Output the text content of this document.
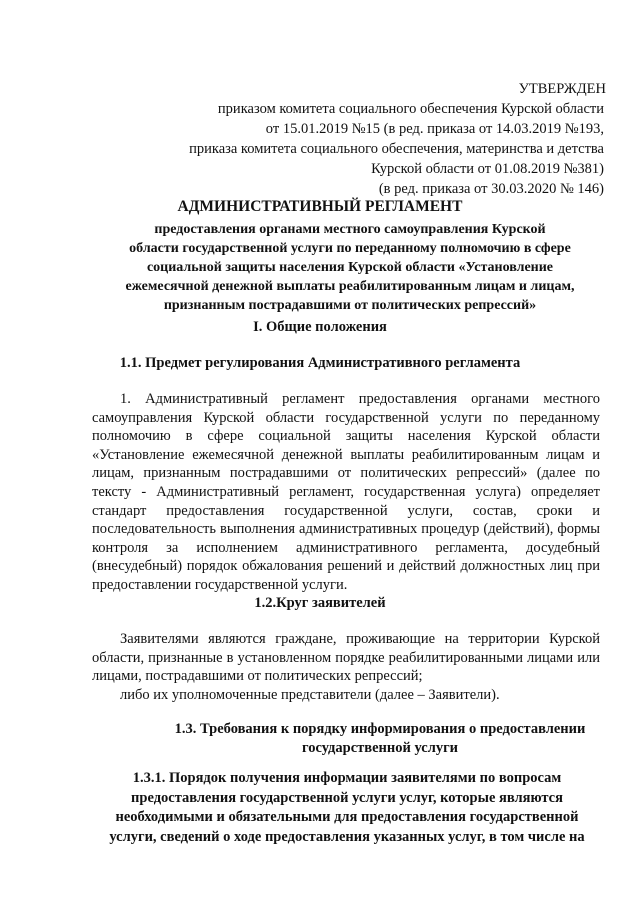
УТВЕРЖДЕН
приказом комитета социального обеспечения Курской области
от 15.01.2019 №15 (в ред. приказа от 14.03.2019 №193,
приказа комитета социального обеспечения, материнства и детства
Курской области от 01.08.2019 №381)
(в ред. приказа от 30.03.2020 № 146)
АДМИНИСТРАТИВНЫЙ РЕГЛАМЕНТ
предоставления органами местного самоуправления Курской
области государственной услуги по переданному полномочию в сфере
социальной защиты населения Курской области «Установление
ежемесячной денежной выплаты реабилитированным лицам и лицам,
признанным пострадавшими от политических репрессий»
I. Общие положения
1.1. Предмет регулирования Административного регламента
1. Административный регламент предоставления органами местного самоуправления Курской области государственной услуги по переданному полномочию в сфере социальной защиты населения Курской области «Установление ежемесячной денежной выплаты реабилитированным лицам и лицам, признанным пострадавшими от политических репрессий» (далее по тексту - Административный регламент, государственная услуга) определяет стандарт предоставления государственной услуги, состав, сроки и последовательность выполнения административных процедур (действий), формы контроля за исполнением административного регламента, досудебный (внесудебный) порядок обжалования решений и действий должностных лиц при предоставлении государственной услуги.
1.2.Круг заявителей
Заявителями являются граждане, проживающие на территории Курской области, признанные в установленном порядке реабилитированными лицами или лицами, пострадавшими от политических репрессий;
либо их уполномоченные представители (далее – Заявители).
1.3. Требования к порядку информирования о предоставлении
государственной услуги
1.3.1. Порядок получения информации заявителями по вопросам
предоставления государственной услуги услуг, которые являются
необходимыми и обязательными для предоставления государственной
услуги, сведений о ходе предоставления указанных услуг, в том числе на
